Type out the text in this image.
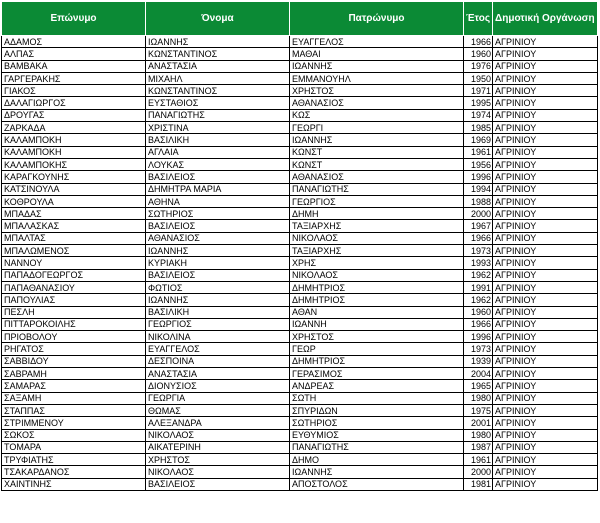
Επώνυμο	Όνομα	Πατρώνυμο	Έτος	Δημοτική Οργάνωση
ΑΔΑΜΟΣ	ΙΩΑΝΝΗΣ	ΕΥΑΓΓΕΛΟΣ	1966	ΑΓΡΙΝΙΟΥ
ΑΛΠΑΣ	ΚΩΝΣΤΑΝΤΙΝΟΣ	ΜΑΘΑΙ	1960	ΑΓΡΙΝΙΟΥ
ΒΑΜΒΑΚΑ	ΑΝΑΣΤΑΣΙΑ	ΙΩΑΝΝΗΣ	1976	ΑΓΡΙΝΙΟΥ
ΓΑΡΓΕΡΑΚΗΣ	ΜΙΧΑΗΛ	ΕΜΜΑΝΟΥΗΛ	1950	ΑΓΡΙΝΙΟΥ
ΓΙΑΚΟΣ	ΚΩΝΣΤΑΝΤΙΝΟΣ	ΧΡΗΣΤΟΣ	1971	ΑΓΡΙΝΙΟΥ
ΔΑΛΑΓΙΩΡΓΟΣ	ΕΥΣΤΑΘΙΟΣ	ΑΘΑΝΑΣΙΟΣ	1995	ΑΓΡΙΝΙΟΥ
ΔΡΟΥΓΑΣ	ΠΑΝΑΓΙΩΤΗΣ	ΚΩΣ	1974	ΑΓΡΙΝΙΟΥ
ΖΑΡΚΑΔΑ	ΧΡΙΣΤΙΝΑ	ΓΕΩΡΓΙ	1985	ΑΓΡΙΝΙΟΥ
ΚΑΛΑΜΠΟΚΗ	ΒΑΣΙΛΙΚΗ	ΙΩΑΝΝΗΣ	1969	ΑΓΡΙΝΙΟΥ
ΚΑΛΑΜΠΟΚΗ	ΑΓΛΑΙΑ	ΚΩΝΣΤ	1961	ΑΓΡΙΝΙΟΥ
ΚΑΛΑΜΠΟΚΗΣ	ΛΟΥΚΑΣ	ΚΩΝΣΤ	1956	ΑΓΡΙΝΙΟΥ
ΚΑΡΑΓΚΟΥΝΗΣ	ΒΑΣΙΛΕΙΟΣ	ΑΘΑΝΑΣΙΟΣ	1996	ΑΓΡΙΝΙΟΥ
ΚΑΤΣΙΝΟΥΛΑ	ΔΗΜΗΤΡΑ ΜΑΡΙΑ	ΠΑΝΑΓΙΩΤΗΣ	1994	ΑΓΡΙΝΙΟΥ
ΚΟΘΡΟΥΛΑ	ΑΘΗΝΑ	ΓΕΩΡΓΙΟΣ	1988	ΑΓΡΙΝΙΟΥ
ΜΠΑΔΑΣ	ΣΩΤΗΡΙΟΣ	ΔΗΜΗ	2000	ΑΓΡΙΝΙΟΥ
ΜΠΑΛΑΣΚΑΣ	ΒΑΣΙΛΕΙΟΣ	ΤΑΞΙΑΡΧΗΣ	1967	ΑΓΡΙΝΙΟΥ
ΜΠΑΛΤΑΣ	ΑΘΑΝΑΣΙΟΣ	ΝΙΚΟΛΑΟΣ	1966	ΑΓΡΙΝΙΟΥ
ΜΠΑΛΩΜΕΝΟΣ	ΙΩΑΝΝΗΣ	ΤΑΞΙΑΡΧΗΣ	1973	ΑΓΡΙΝΙΟΥ
ΝΑΝΝΟΥ	ΚΥΡΙΑΚΗ	ΧΡΗΣ	1993	ΑΓΡΙΝΙΟΥ
ΠΑΠΑΔΟΓΕΩΡΓΟΣ	ΒΑΣΙΛΕΙΟΣ	ΝΙΚΟΛΑΟΣ	1962	ΑΓΡΙΝΙΟΥ
ΠΑΠΑΘΑΝΑΣΙΟΥ	ΦΩΤΙΟΣ	ΔΗΜΗΤΡΙΟΣ	1991	ΑΓΡΙΝΙΟΥ
ΠΑΠΟΥΛΙΑΣ	ΙΩΑΝΝΗΣ	ΔΗΜΗΤΡΙΟΣ	1962	ΑΓΡΙΝΙΟΥ
ΠΕΣΛΗ	ΒΑΣΙΛΙΚΗ	ΑΘΑΝ	1960	ΑΓΡΙΝΙΟΥ
ΠΙΤΤΑΡΟΚΟΙΛΗΣ	ΓΕΩΡΓΙΟΣ	ΙΩΑΝΝΗ	1966	ΑΓΡΙΝΙΟΥ
ΠΡΙΟΒΟΛΟΥ	ΝΙΚΟΛΙΝΑ	ΧΡΗΣΤΟΣ	1996	ΑΓΡΙΝΙΟΥ
ΡΗΓΑΤΟΣ	ΕΥΑΓΓΕΛΟΣ	ΓΕΩΡ	1973	ΑΓΡΙΝΙΟΥ
ΣΑΒΒΙΔΟΥ	ΔΕΣΠΟΙΝΑ	ΔΗΜΗΤΡΙΟΣ	1939	ΑΓΡΙΝΙΟΥ
ΣΑΒΡΑΜΗ	ΑΝΑΣΤΑΣΙΑ	ΓΕΡΑΣΙΜΟΣ	2004	ΑΓΡΙΝΙΟΥ
ΣΑΜΑΡΑΣ	ΔΙΟΝΥΣΙΟΣ	ΑΝΔΡΕΑΣ	1965	ΑΓΡΙΝΙΟΥ
ΣΑΞΑΜΗ	ΓΕΩΡΓΙΑ	ΣΩΤΗ	1980	ΑΓΡΙΝΙΟΥ
ΣΤΑΠΠΑΣ	ΘΩΜΑΣ	ΣΠΥΡΙΔΩΝ	1975	ΑΓΡΙΝΙΟΥ
ΣΤΡΙΜΜΕΝΟΥ	ΑΛΕΞΑΝΔΡΑ	ΣΩΤΗΡΙΟΣ	2001	ΑΓΡΙΝΙΟΥ
ΣΩΚΟΣ	ΝΙΚΟΛΑΟΣ	ΕΥΘΥΜΙΟΣ	1980	ΑΓΡΙΝΙΟΥ
ΤΟΜΑΡΑ	ΑΙΚΑΤΕΡΙΝΗ	ΠΑΝΑΓΙΩΤΗΣ	1987	ΑΓΡΙΝΙΟΥ
ΤΡΥΦΙΑΤΗΣ	ΧΡΗΣΤΟΣ	ΔΗΜΟ	1961	ΑΓΡΙΝΙΟΥ
ΤΣΑΚΑΡΔΑΝΟΣ	ΝΙΚΟΛΑΟΣ	ΙΩΑΝΝΗΣ	2000	ΑΓΡΙΝΙΟΥ
ΧΑΙΝΤΙΝΗΣ	ΒΑΣΙΛΕΙΟΣ	ΑΠΟΣΤΟΛΟΣ	1981	ΑΓΡΙΝΙΟΥ
